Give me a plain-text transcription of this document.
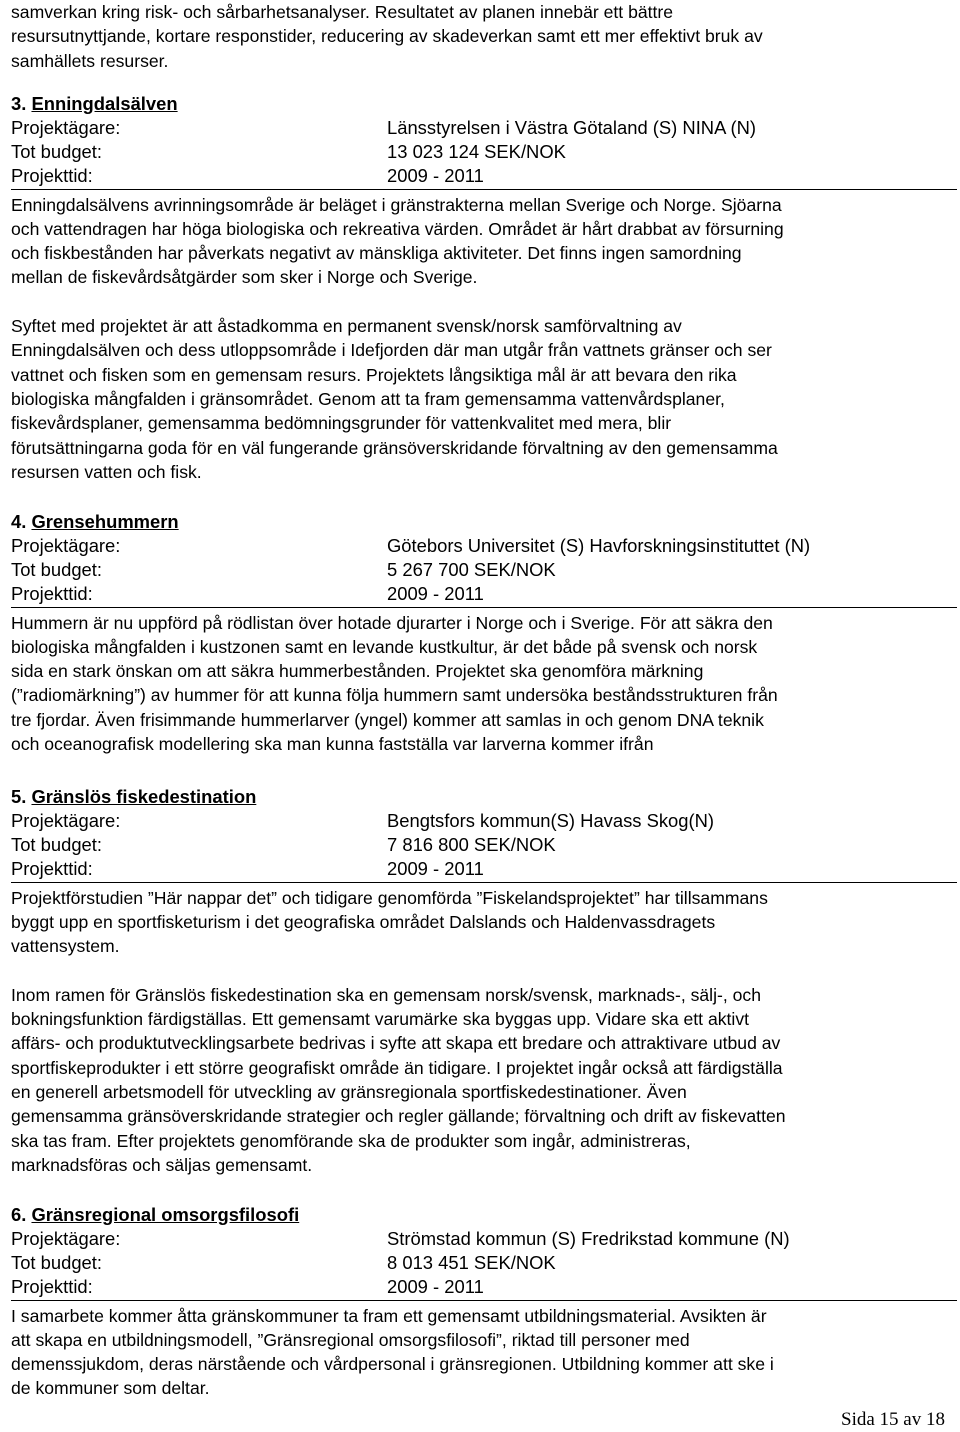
samverkan kring risk- och sårbarhetsanalyser. Resultatet av planen innebär ett bättre
resursutnyttjande, kortare responstider, reducering av skadeverkan samt ett mer effektivt bruk av
samhällets resurser.
3. Enningdalsälven
Projektägare:	Länsstyrelsen i Västra Götaland (S) NINA (N)
Tot budget:	13 023 124 SEK/NOK
Projekttid:	2009 - 2011
Enningdalsälvens avrinningsområde är beläget i gränstrakterna mellan Sverige och Norge. Sjöarna
och vattendragen har höga biologiska och rekreativa värden. Området är hårt drabbat av försurning
och fiskbestånden har påverkats negativt av mänskliga aktiviteter. Det finns ingen samordning
mellan de fiskevårdsåtgärder som sker i Norge och Sverige.
Syftet med projektet är att åstadkomma en permanent svensk/norsk samförvaltning av
Enningdalsälven och dess utloppsområde i Idefjorden där man utgår från vattnets gränser och ser
vattnet och fisken som en gemensam resurs. Projektets långsiktiga mål är att bevara den rika
biologiska mångfalden i gränsområdet. Genom att ta fram gemensamma vattenvårdsplaner,
fiskevårdsplaner, gemensamma bedömningsgrunder för vattenkvalitet med mera, blir
förutsättningarna goda för en väl fungerande gränsöverskridande förvaltning av den gemensamma
resursen vatten och fisk.
4. Grensehummern
Projektägare:	Götebors Universitet (S) Havforskningsinstituttet (N)
Tot budget:	5 267 700 SEK/NOK
Projekttid:	2009 - 2011
Hummern är nu uppförd på rödlistan över hotade djurarter i Norge och i Sverige. För att säkra den
biologiska mångfalden i kustzonen samt en levande kustkultur, är det både på svensk och norsk
sida en stark önskan om att säkra hummerbestånden. Projektet ska genomföra märkning
(”radiomärkning”) av hummer för att kunna följa hummern samt undersöka beståndsstrukturen från
tre fjordar. Även frisimmande hummerlarver (yngel) kommer att samlas in och genom DNA teknik
och oceanografisk modellering ska man kunna fastställa var larverna kommer ifrån
5. Gränslös fiskedestination
Projektägare:	Bengtsfors kommun(S) Havass Skog(N)
Tot budget:	7 816 800 SEK/NOK
Projekttid:	2009 - 2011
Projektförstudien ”Här nappar det” och tidigare genomförda ”Fiskelandsprojektet” har tillsammans
byggt upp en sportfisketurism i det geografiska området Dalslands och Haldenvassdragets
vattensystem.
Inom ramen för Gränslös fiskedestination ska en gemensam norsk/svensk, marknads-, sälj-, och
bokningsfunktion färdigställas. Ett gemensamt varumärke ska byggas upp. Vidare ska ett aktivt
affärs- och produktutvecklingsarbete bedrivas i syfte att skapa ett bredare och attraktivare utbud av
sportfiskeprodukter i ett större geografiskt område än tidigare. I projektet ingår också att färdigställa
en generell arbetsmodell för utveckling av gränsregionala sportfiskedestinationer. Även
gemensamma gränsöverskridande strategier och regler gällande; förvaltning och drift av fiskevatten
ska tas fram. Efter projektets genomförande ska de produkter som ingår, administreras,
marknadsföras och säljas gemensamt.
6. Gränsregional omsorgsfilosofi
Projektägare:	Strömstad kommun (S) Fredrikstad kommune (N)
Tot budget:	8 013 451 SEK/NOK
Projekttid:	2009 - 2011
I samarbete kommer åtta gränskommuner ta fram ett gemensamt utbildningsmaterial. Avsikten är
att skapa en utbildningsmodell, ”Gränsregional omsorgsfilosofi”, riktad till personer med
demenssjukdom, deras närstående och vårdpersonal i gränsregionen. Utbildning kommer att ske i
de kommuner som deltar.
Sida 15 av 18
